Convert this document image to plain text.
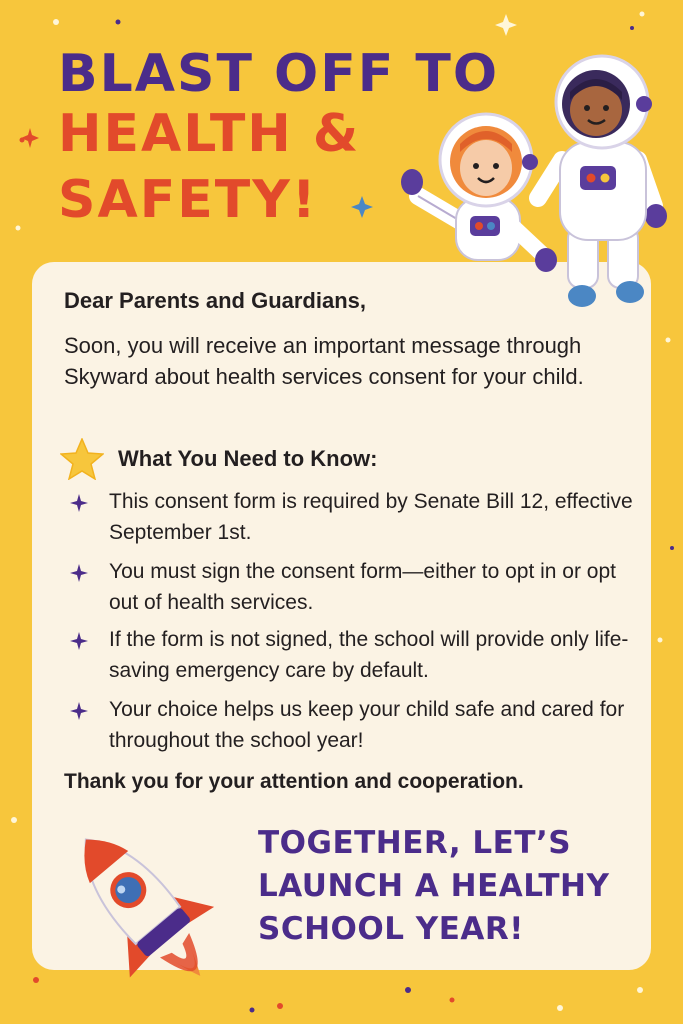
BLAST OFF TO
HEALTH &
SAFETY!
Dear Parents and Guardians,
Soon, you will receive an important message through Skyward about health services consent for your child.
What You Need to Know:
This consent form is required by Senate Bill 12, effective September 1st.
You must sign the consent form—either to opt in or opt out of health services.
If the form is not signed, the school will provide only life-saving emergency care by default.
Your choice helps us keep your child safe and cared for throughout the school year!
Thank you for your attention and cooperation.
TOGETHER, LET’S
LAUNCH A HEALTHY
SCHOOL YEAR!
